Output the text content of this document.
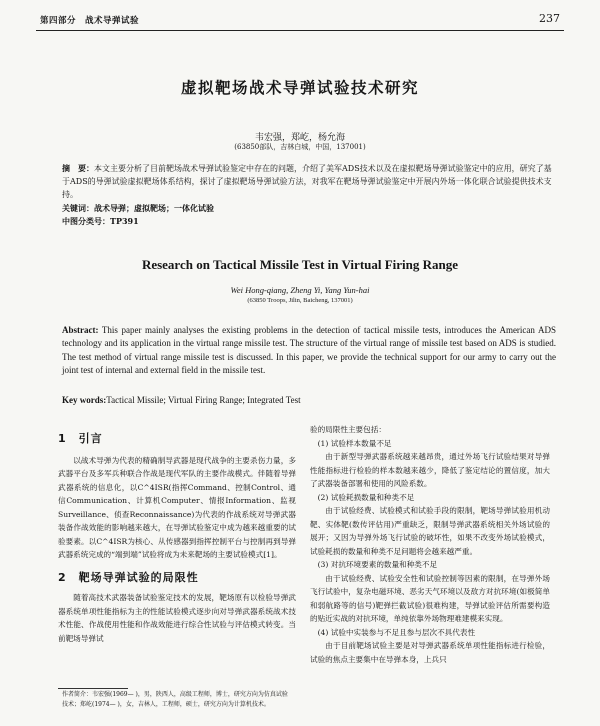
第四部分　战术导弹试验	237
虚拟靶场战术导弹试验技术研究
韦宏强，郑屹，杨允海
(63850部队，吉林白城，中国，137001)
摘　要：本文主要分析了目前靶场战术导弹试验鉴定中存在的问题，介绍了美军ADS技术以及在虚拟靶场导弹试验鉴定中的应用，研究了基于ADS的导弹试验虚拟靶场体系结构，探讨了虚拟靶场导弹试验方法，对我军在靶场导弹试验鉴定中开展内外场一体化联合试验提供技术支持。
关键词：战术导弹；虚拟靶场；一体化试验
中图分类号：TP391
Research on Tactical Missile Test in Virtual Firing Range
Wei Hong-qiang, Zheng Yi, Yang Yun-hai
(63850 Troops, Jilin, Baicheng, 137001)
Abstract: This paper mainly analyses the existing problems in the detection of tactical missile tests, introduces the American ADS technology and its application in the virtual range missile test. The structure of the virtual range of missile test based on ADS is studied. The test method of virtual range missile test is discussed. In this paper, we provide the technical support for our army to carry out the joint test of internal and external field in the missile test.
Key words:Tactical Missile; Virtual Firing Range; Integrated Test
1　引言

以战术导弹为代表的精确制导武器是现代战争的主要杀伤力量，多武器平台及多军兵种联合作战是现代军队的主要作战模式。伴随着导弹武器系统的信息化，以C^4ISR(指挥Command、控制Control、通信Communication、计算机Computer、情报Information、监视Surveillance、侦查Reconnaissance)为代表的作战系统对导弹武器装备作战效能的影响越来越大，在导弹试验鉴定中成为越来越重要的试验要素。以C^4ISR为核心、从传感器到指挥控制平台与控制再到导弹武器系统完成的“端到端”试验将成为未来靶场的主要试验模式[1]。

2　靶场导弹试验的局限性

随着高技术武器装备试验鉴定技术的发展，靶场原有以检验导弹武器系统单项性能指标为主的性能试验模式逐步向对导弹武器系统战术技术性能、作战使用性能和作战效能进行综合性试验与评估模式转变。当前靶场导弹试

验的局限性主要包括：

(1) 试验样本数量不足

由于新型导弹武器系统越来越昂贵，通过外场飞行试验结果对导弹性能指标进行检验的样本数越来越少，降低了鉴定结论的置信度，加大了武器装备部署和使用的风险系数。

(2) 试验耗损数量和种类不足

由于试验经费、试验模式和试验手段的限制，靶场导弹试验用机动靶、实体靶(数传评估用)严重缺乏，限制导弹武器系统相关外场试验的展开；又因为导弹外场飞行试验的破坏性，如果不改变外场试验模式，试验耗损的数量和种类不足问题将会越来越严重。

(3) 对抗环境要素的数量和种类不足

由于试验经费、试验安全性和试验控制等因素的限制，在导弹外场飞行试验中，复杂电磁环境、恶劣天气环境以及敌方对抗环境(如极简单和弱航路等的信号)靶弹拦截试验)很难构建，导弹试验评估所需要构造的贴近实战的对抗环境，单纯依靠外场物理难建模来实现。

(4) 试验中实装参与不足且参与层次不具代表性

由于目前靶场试验主要是对导弹武器系统单项性能指标进行检验，试验的焦点主要集中在导弹本身，上兵只

作者简介：韦宏强(1969— )，男，陕西人，高级工程师，博士，研究方向为仿真试验技术；郑屹(1974— )，女，吉林人，工程师，硕士，研究方向为计算机技术。
